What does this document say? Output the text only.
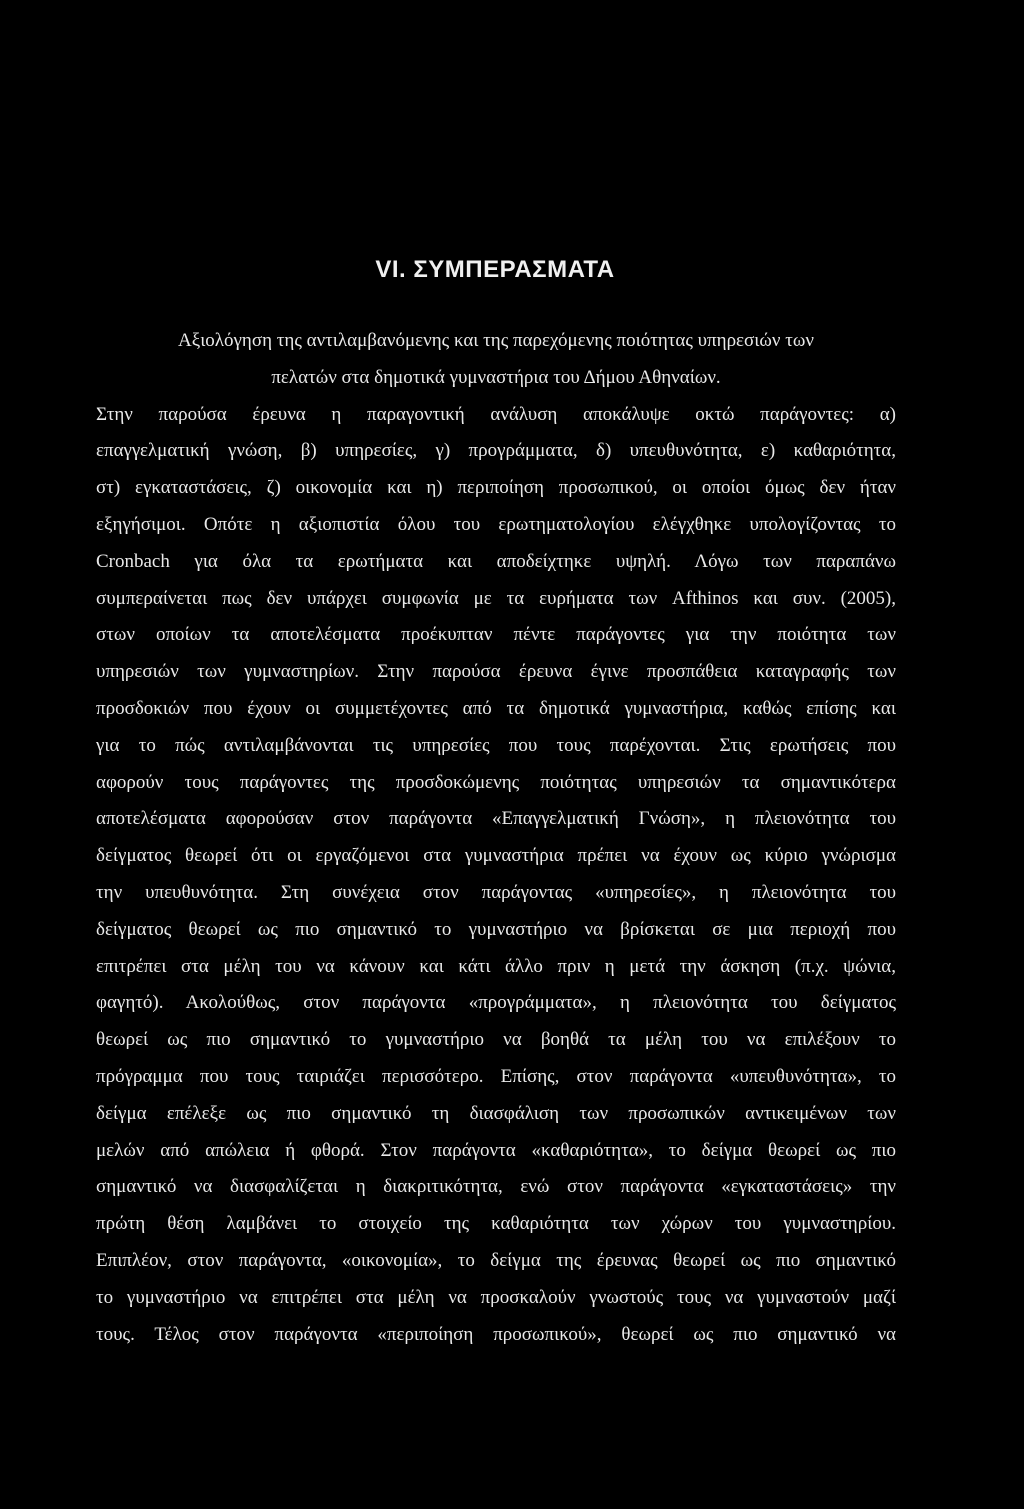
VI. ΣΥΜΠΕΡΑΣΜΑΤΑ
Αξιολόγηση της αντιλαμβανόμενης και της παρεχόμενης ποιότητας υπηρεσιών των
πελατών στα δημοτικά γυμναστήρια του Δήμου Αθηναίων.
Στην παρούσα έρευνα η παραγοντική ανάλυση αποκάλυψε οκτώ παράγοντες: α)
επαγγελματική γνώση, β) υπηρεσίες, γ) προγράμματα, δ) υπευθυνότητα, ε) καθαριότητα,
στ) εγκαταστάσεις, ζ) οικονομία και η) περιποίηση προσωπικού, οι οποίοι όμως δεν ήταν
εξηγήσιμοι. Οπότε η αξιοπιστία όλου του ερωτηματολογίου ελέγχθηκε υπολογίζοντας το
Cronbach για όλα τα ερωτήματα και αποδείχτηκε υψηλή. Λόγω των παραπάνω
συμπεραίνεται πως δεν υπάρχει συμφωνία με τα ευρήματα των Afthinos και συν. (2005),
στων οποίων τα αποτελέσματα προέκυπταν πέντε παράγοντες για την ποιότητα των
υπηρεσιών των γυμναστηρίων. Στην παρούσα έρευνα έγινε προσπάθεια καταγραφής των
προσδοκιών που έχουν οι συμμετέχοντες από τα δημοτικά γυμναστήρια, καθώς επίσης και
για το πώς αντιλαμβάνονται τις υπηρεσίες που τους παρέχονται. Στις ερωτήσεις που
αφορούν τους παράγοντες της προσδοκώμενης ποιότητας υπηρεσιών τα σημαντικότερα
αποτελέσματα αφορούσαν στον παράγοντα «Επαγγελματική Γνώση», η πλειονότητα του
δείγματος θεωρεί ότι οι εργαζόμενοι στα γυμναστήρια πρέπει να έχουν ως κύριο γνώρισμα
την υπευθυνότητα. Στη συνέχεια στον παράγοντας «υπηρεσίες», η πλειονότητα του
δείγματος θεωρεί ως πιο σημαντικό το γυμναστήριο να βρίσκεται σε μια περιοχή που
επιτρέπει στα μέλη του να κάνουν και κάτι άλλο πριν η μετά την άσκηση (π.χ. ψώνια,
φαγητό). Ακολούθως, στον παράγοντα «προγράμματα», η πλειονότητα του δείγματος
θεωρεί ως πιο σημαντικό το γυμναστήριο να βοηθά τα μέλη του να επιλέξουν το
πρόγραμμα που τους ταιριάζει περισσότερο. Επίσης, στον παράγοντα «υπευθυνότητα», το
δείγμα επέλεξε ως πιο σημαντικό τη διασφάλιση των προσωπικών αντικειμένων των
μελών από απώλεια ή φθορά. Στον παράγοντα «καθαριότητα», το δείγμα θεωρεί ως πιο
σημαντικό να διασφαλίζεται η διακριτικότητα, ενώ στον παράγοντα «εγκαταστάσεις» την
πρώτη θέση λαμβάνει το στοιχείο της καθαριότητα των χώρων του γυμναστηρίου.
Επιπλέον, στον παράγοντα, «οικονομία», το δείγμα της έρευνας θεωρεί ως πιο σημαντικό
το γυμναστήριο να επιτρέπει στα μέλη να προσκαλούν γνωστούς τους να γυμναστούν μαζί
τους. Τέλος στον παράγοντα «περιποίηση προσωπικού», θεωρεί ως πιο σημαντικό να
